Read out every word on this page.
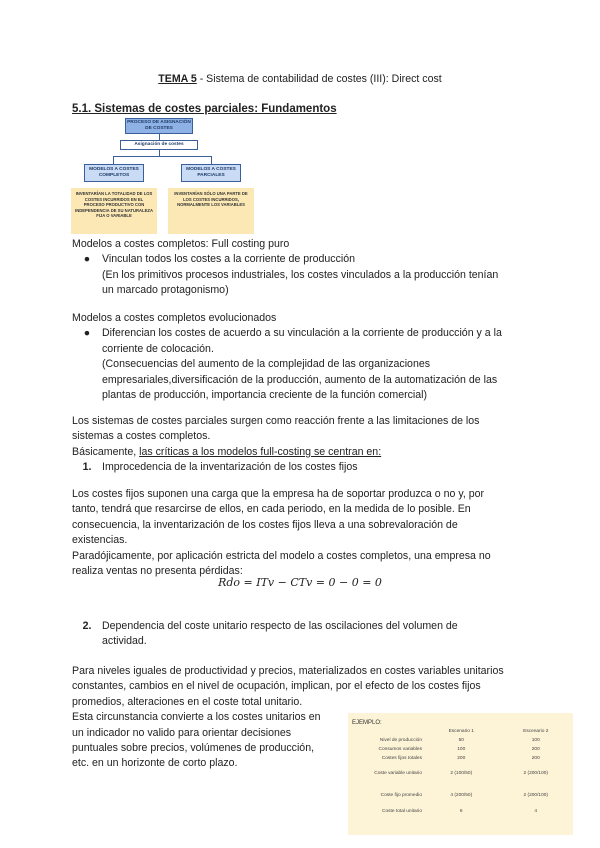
TEMA 5 - Sistema de contabilidad de costes (III): Direct cost
5.1. Sistemas de costes parciales: Fundamentos
PROCESO DE ASIGNACIÓN DE COSTES
Asignación de costes
MODELOS A COSTES COMPLETOS
MODELOS A COSTES PARCIALES
INVENTARÍAN LA TOTALIDAD DE LOS COSTES INCURRIDOS EN EL PROCESO PRODUCTIVO CON INDEPENDENCIA DE SU NATURALEZA FIJA O VARIABLE
INVENTARÍAN SÓLO UNA PARTE DE LOS COSTES INCURRIDOS, NORMALMENTE LOS VARIABLES
Modelos a costes completos: Full costing puro
●	Vinculan todos los costes a la corriente de producción
(En los primitivos procesos industriales, los costes vinculados a la producción tenían
un marcado protagonismo)
Modelos a costes completos evolucionados
●	Diferencian los costes de acuerdo a su vinculación a la corriente de producción y a la
corriente de colocación.
(Consecuencias del aumento de la complejidad de las organizaciones
empresariales,diversificación de la producción, aumento de la automatización de las
plantas de producción, importancia creciente de la función comercial)
Los sistemas de costes parciales surgen como reacción frente a las limitaciones de los
sistemas a costes completos.
Básicamente, las críticas a los modelos full-costing se centran en:
1. Improcedencia de la inventarización de los costes fijos
Los costes fijos suponen una carga que la empresa ha de soportar produzca o no y, por
tanto, tendrá que resarcirse de ellos, en cada periodo, en la medida de lo posible. En
consecuencia, la inventarización de los costes fijos lleva a una sobrevaloración de
existencias.
Paradójicamente, por aplicación estricta del modelo a costes completos, una empresa no
realiza ventas no presenta pérdidas:
Rdo = ITv − CTv = 0 − 0 = 0
2. Dependencia del coste unitario respecto de las oscilaciones del volumen de
actividad.
Para niveles iguales de productividad y precios, materializados en costes variables unitarios
constantes, cambios en el nivel de ocupación, implican, por el efecto de los costes fijos
promedios, alteraciones en el coste total unitario.
Esta circunstancia convierte a los costes unitarios en
un indicador no valido para orientar decisiones
puntuales sobre precios, volúmenes de producción,
etc. en un horizonte de corto plazo.
EJEMPLO:
	Escenario 1	Escenario 2
Nivel de producción	50	100
Consumos variables	100	200
Costes fijos totales	200	200
Coste variable unitario	2 (100/50)	2 (200/100)
Coste fijo promedio	4 (200/50)	2 (200/100)
Coste total unitario	6	4
